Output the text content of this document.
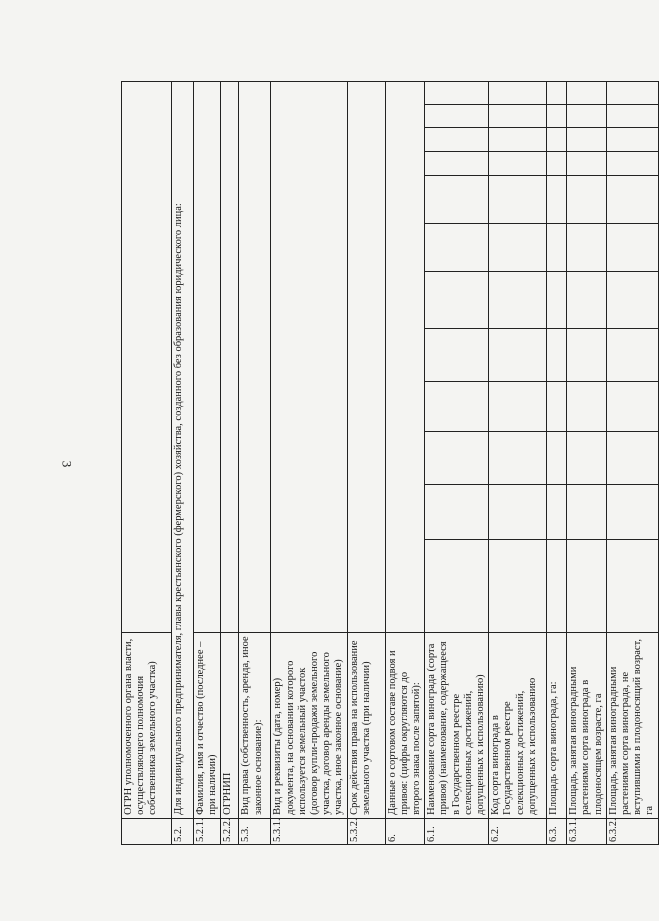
3
	ОГРН уполномоченного органа власти, осуществляющего полномочия собственника земельного участка)												
5.2.	Для индивидуального предпринимателя, главы крестьянского (фермерского) хозяйства, созданного без образования юридического лица:												
5.2.1.	Фамилия, имя и отчество (последнее – при наличии)												
5.2.2.	ОГРНИП												
5.3.	Вид права (собственность, аренда, иное законное основание):												
5.3.1.	Вид и реквизиты (дата, номер) документа, на основании которого используется земельный участок (договор купли-продажи земельного участка, договор аренды земельного участка, иное законное основание)												
5.3.2.	Срок действия права на использование земельного участка (при наличии)												
6.	Данные о сортовом составе подвоя и привоя: (цифры округляются до второго знака после запятой):												
6.1.	Наименование сорта винограда (сорта привоя) (наименование, содержащееся в Государственном реестре селекционных достижений, допущенных к использованию)												
6.2.	Код сорта винограда в Государственном реестре селекционных достижений, допущенных к использованию												
6.3.	Площадь сорта винограда, га:												
6.3.1.	Площадь, занятая виноградными растениями сорта винограда в плодоносящем возрасте, га												
6.3.2.	Площадь, занятая виноградными растениями сорта винограда, не вступившими в плодоносящий возраст, га												
